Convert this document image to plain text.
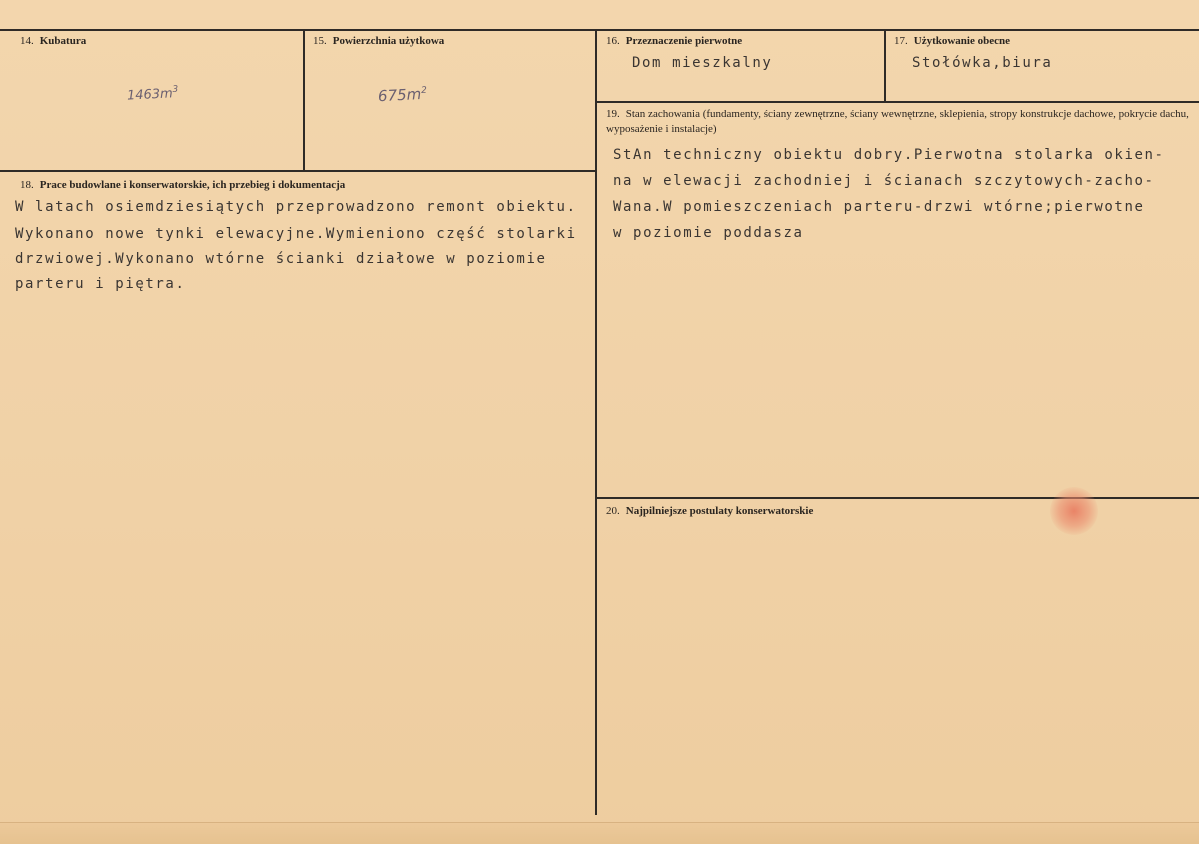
14. Kubatura
$1463m^3$
15. Powierzchnia użytkowa
$675m^2$
16. Przeznaczenie pierwotne
Dom mieszkalny
17. Użytkowanie obecne
Stołówka,biura
18. Prace budowlane i konserwatorskie, ich przebieg i dokumentacja
W latach osiemdziesiątych przeprowadzono remont obiektu.
Wykonano nowe tynki elewacyjne.Wymieniono część stolarki
drzwiowej.Wykonano wtórne ścianki działowe w poziomie
parteru i piętra.
19. Stan zachowania (fundamenty, ściany zewnętrzne, ściany wewnętrzne, sklepienia, stropy konstrukcje dachowe, pokrycie dachu, wyposażenie i instalacje)
StAn techniczny obiektu dobry.Pierwotna stolarka okien-
na w elewacji zachodniej i ścianach szczytowych-zacho-
Wana.W pomieszczeniach parteru-drzwi wtórne;pierwotne
w poziomie poddasza
20. Najpilniejsze postulaty konserwatorskie
